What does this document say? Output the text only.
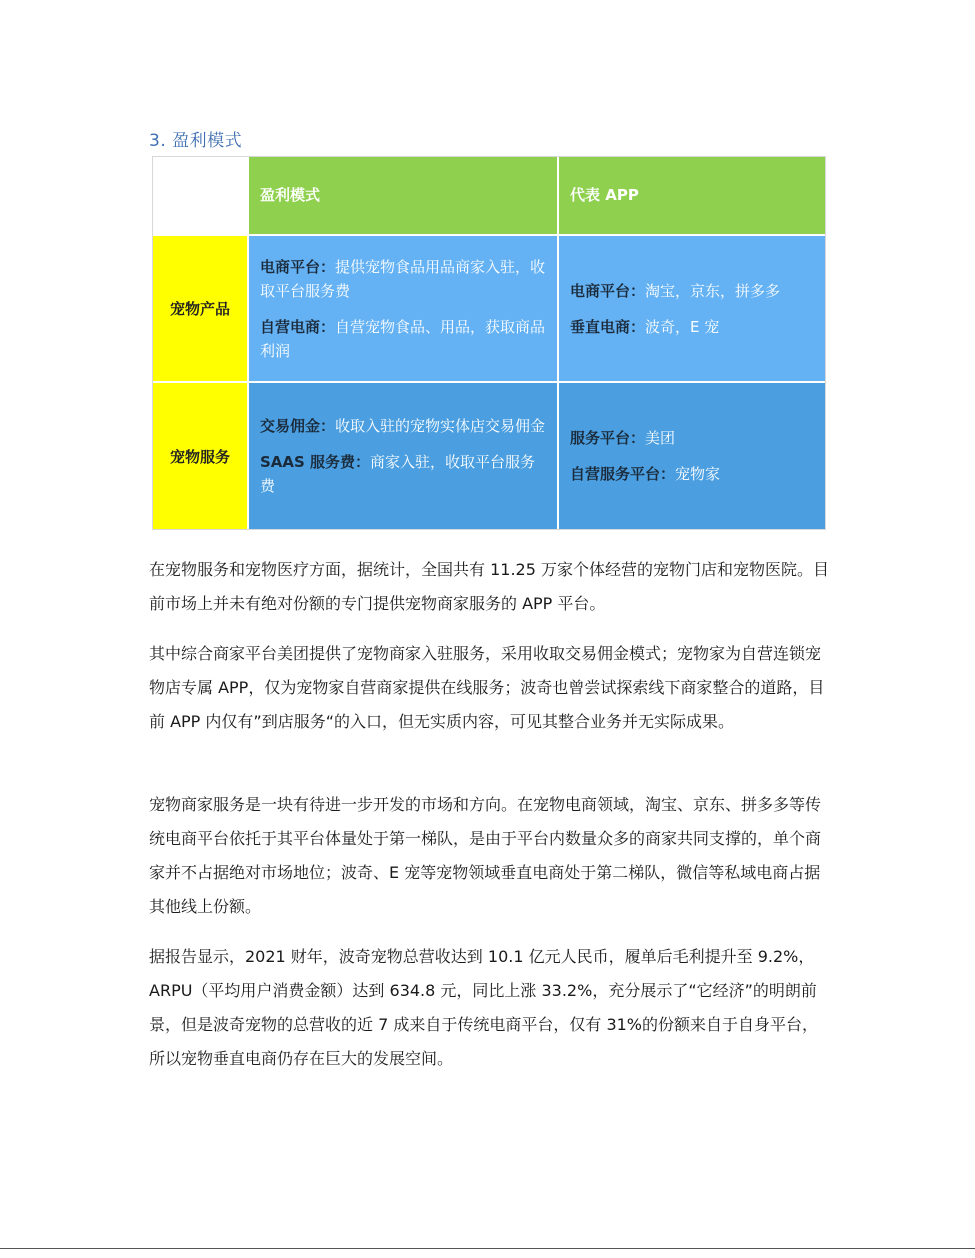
3. 盈利模式
盈利模式	代表 APP
宠物产品

电商平台：提供宠物食品用品商家入驻，收取平台服务费

自营电商：自营宠物食品、用品，获取商品利润

电商平台：淘宝，京东，拼多多

垂直电商：波奇，E 宠

宠物服务

交易佣金：收取入驻的宠物实体店交易佣金

SAAS 服务费：商家入驻，收取平台服务费

服务平台：美团

自营服务平台：宠物家

在宠物服务和宠物医疗方面，据统计，全国共有 11.25 万家个体经营的宠物门店和宠物医院。目前市场上并未有绝对份额的专门提供宠物商家服务的 APP 平台。

其中综合商家平台美团提供了宠物商家入驻服务，采用收取交易佣金模式；宠物家为自营连锁宠物店专属 APP，仅为宠物家自营商家提供在线服务；波奇也曾尝试探索线下商家整合的道路，目前 APP 内仅有”到店服务“的入口，但无实质内容，可见其整合业务并无实际成果。

宠物商家服务是一块有待进一步开发的市场和方向。在宠物电商领域，淘宝、京东、拼多多等传统电商平台依托于其平台体量处于第一梯队，是由于平台内数量众多的商家共同支撑的，单个商家并不占据绝对市场地位；波奇、E 宠等宠物领域垂直电商处于第二梯队，微信等私域电商占据其他线上份额。

据报告显示，2021 财年，波奇宠物总营收达到 10.1 亿元人民币，履单后毛利提升至 9.2%，ARPU（平均用户消费金额）达到 634.8 元，同比上涨 33.2%，充分展示了“它经济”的明朗前景，但是波奇宠物的总营收的近 7 成来自于传统电商平台，仅有 31%的份额来自于自身平台，所以宠物垂直电商仍存在巨大的发展空间。
